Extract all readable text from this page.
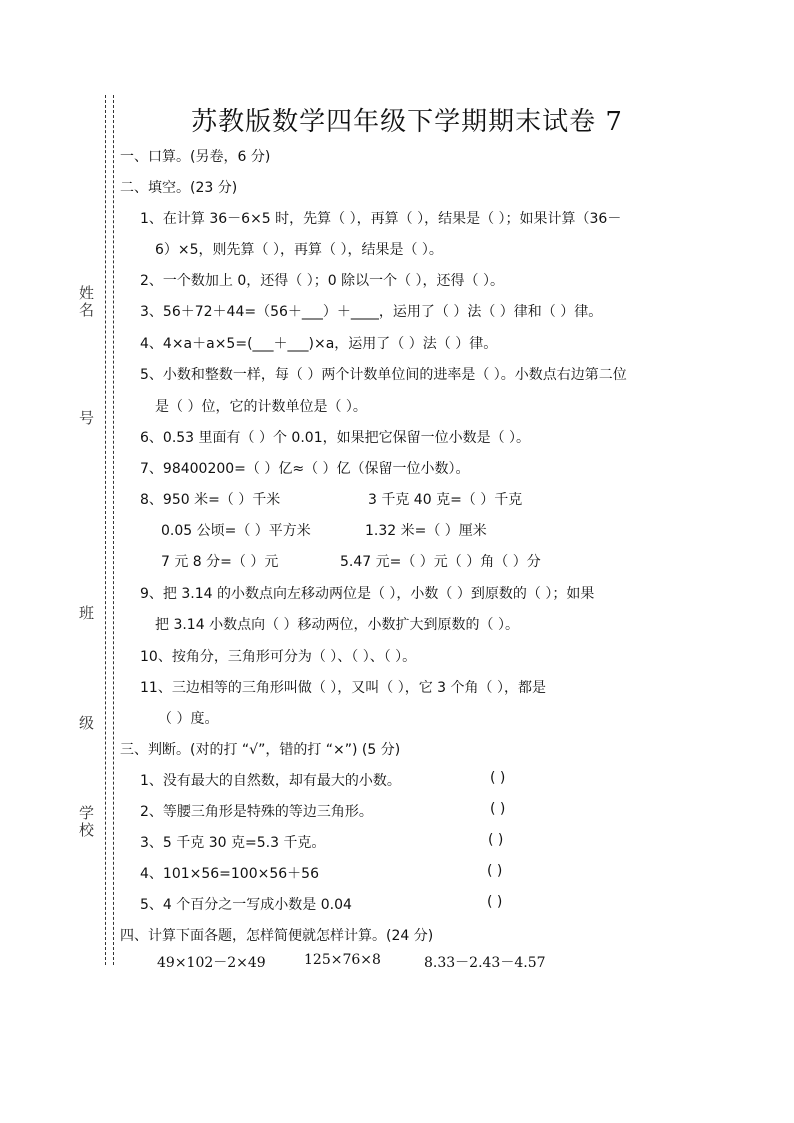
姓名
号
班
级
学校
苏教版数学四年级下学期期末试卷 7
一、口算。(另卷，6 分)
二、填空。(23 分)
1、在计算 36－6×5 时，先算（ ），再算（ ），结果是（ ）；如果计算（36－
6）×5，则先算（ ），再算（ ），结果是（ ）。
2、一个数加上 0，还得（ ）；0 除以一个（ ），还得（ ）。
3、56＋72＋44=（56＋___）＋____，运用了（ ）法（ ）律和（ ）律。
4、4×a＋a×5=(___＋___)×a，运用了（ ）法（ ）律。
5、小数和整数一样，每（ ）两个计数单位间的进率是（ ）。小数点右边第二位
是（ ）位，它的计数单位是（ ）。
6、0.53 里面有（ ）个 0.01，如果把它保留一位小数是（ ）。
7、98400200=（ ）亿≈（ ）亿（保留一位小数）。
8、950 米=（ ）千米	3 千克 40 克=（ ）千克
0.05 公顷=（ ）平方米	1.32 米=（ ）厘米
7 元 8 分=（ ）元	5.47 元=（ ）元（ ）角（ ）分
9、把 3.14 的小数点向左移动两位是（ ），小数（ ）到原数的（ ）；如果
把 3.14 小数点向（ ）移动两位，小数扩大到原数的（ ）。
10、按角分，三角形可分为（ ）、（ ）、（ ）。
11、三边相等的三角形叫做（ ），又叫（ ），它 3 个角（ ），都是
（ ）度。
三、判断。(对的打 “√”，错的打 “×”) (5 分)
1、没有最大的自然数，却有最大的小数。	( )
2、等腰三角形是特殊的等边三角形。	( )
3、5 千克 30 克=5.3 千克。	( )
4、101×56=100×56＋56	( )
5、4 个百分之一写成小数是 0.04	( )
四、计算下面各题，怎样简便就怎样计算。(24 分)
49×102－2×49	125×76×8	8.33－2.43－4.57
